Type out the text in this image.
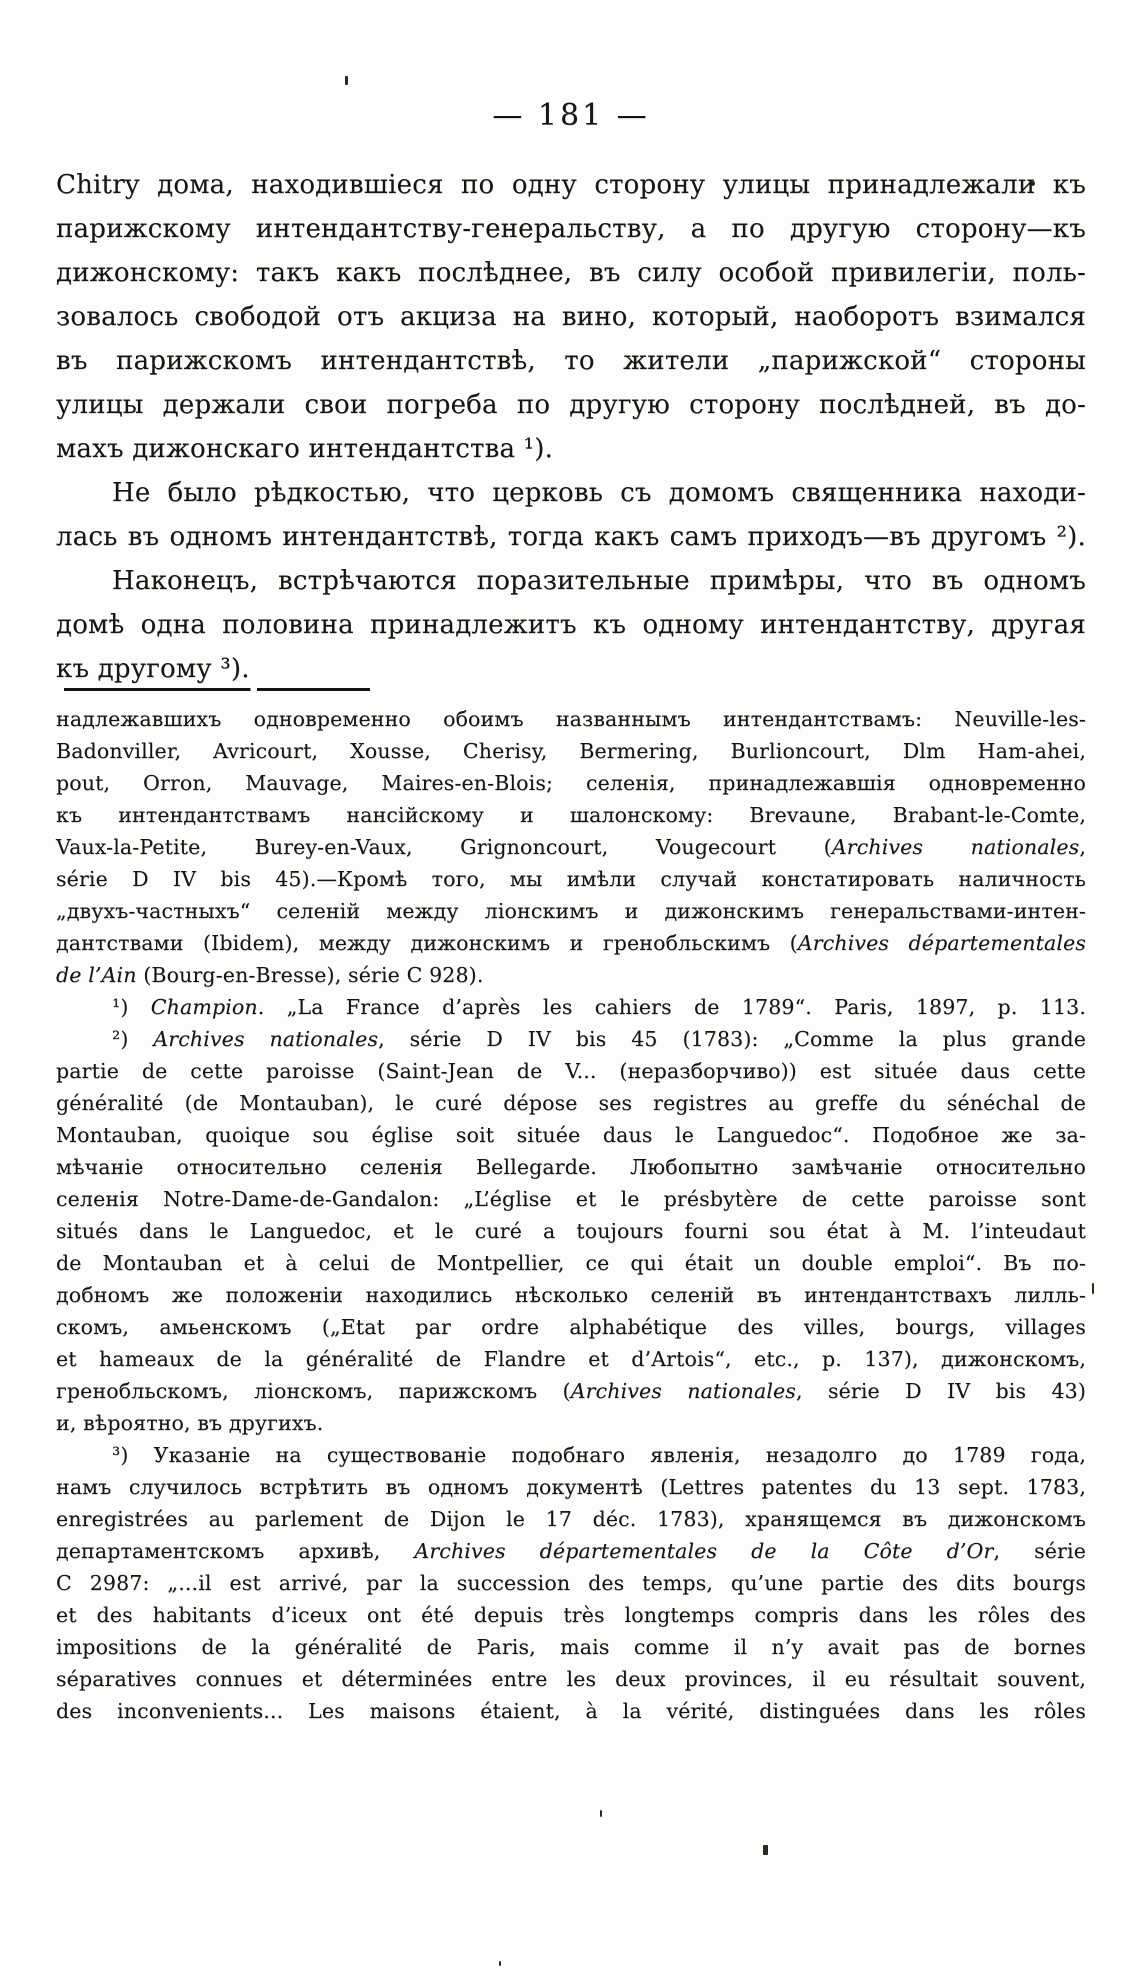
— 181 —
Chitry дома, находившіеся по одну сторону улицы принадлежали къ
парижскому интендантству-генеральству, а по другую сторону—къ
дижонскому: такъ какъ послѣднее, въ силу особой привилегіи, поль-
зовалось свободой отъ акциза на вино, который, наоборотъ взимался
въ парижскомъ интендантствѣ, то жители „парижской“ стороны
улицы держали свои погреба по другую сторону послѣдней, въ до-
махъ дижонскаго интендантства ¹).
Не было рѣдкостью, что церковь съ домомъ священника находи-
лась въ одномъ интендантствѣ, тогда какъ самъ приходъ—въ другомъ ²).
Наконецъ, встрѣчаются поразительные примѣры, что въ одномъ
домѣ одна половина принадлежитъ къ одному интендантству, другая
къ другому ³).
надлежавшихъ одновременно обоимъ названнымъ интендантствамъ: Neuville-les-
Badonviller, Avricourt, Xousse, Cherisy, Bermering, Burlioncourt, Dlm Ham-ahei,
pout, Orron, Mauvage, Maires-en-Blois; селенія, принадлежавшія одновременно
къ интендантствамъ нансійскому и шалонскому: Brevaune, Brabant-le-Comte,
Vaux-la-Petite, Burey-en-Vaux, Grignoncourt, Vougecourt (Archives nationales,
série D IV bis 45).—Кромѣ того, мы имѣли случай констатировать наличность
„двухъ-частныхъ“ селеній между ліонскимъ и дижонскимъ генеральствами-интен-
дантствами (Ibidem), между дижонскимъ и гренобльскимъ (Archives départementales
de l’Ain (Bourg-en-Bresse), série C 928).
¹) Champion. „La France d’après les cahiers de 1789“. Paris, 1897, p. 113.
²) Archives nationales, série D IV bis 45 (1783): „Comme la plus grande
partie de cette paroisse (Saint-Jean de V... (неразборчиво)) est située daus cette
généralité (de Montauban), le curé dépose ses registres au greffe du sénéchal de
Montauban, quoique sou église soit située daus le Languedoc“. Подобное же за-
мѣчаніе относительно селенія Bellegarde. Любопытно замѣчаніе относительно
селенія Notre-Dame-de-Gandalon: „L’église et le présbytère de cette paroisse sont
situés dans le Languedoc, et le curé a toujours fourni sou état à M. l’inteudaut
de Montauban et à celui de Montpellier, ce qui était un double emploi“. Въ по-
добномъ же положеніи находились нѣсколько селеній въ интендантствахъ лилль-
скомъ, амьенскомъ („Etat par ordre alphabétique des villes, bourgs, villages
et hameaux de la généralité de Flandre et d’Artois“, etc., p. 137), дижонскомъ,
гренобльскомъ, ліонскомъ, парижскомъ (Archives nationales, série D IV bis 43)
и, вѣроятно, въ другихъ.
³) Указаніе на существованіе подобнаго явленія, незадолго до 1789 года,
намъ случилось встрѣтить въ одномъ документѣ (Lettres patentes du 13 sept. 1783,
enregistrées au parlement de Dijon le 17 déc. 1783), хранящемся въ дижонскомъ
департаментскомъ архивѣ, Archives départementales de la Côte d’Or, série
C 2987: „...il est arrivé, par la succession des temps, qu’une partie des dits bourgs
et des habitants d’iceux ont été depuis très longtemps compris dans les rôles des
impositions de la généralité de Paris, mais comme il n’y avait pas de bornes
séparatives connues et déterminées entre les deux provinces, il eu résultait souvent,
des inconvenients... Les maisons étaient, à la vérité, distinguées dans les rôles
